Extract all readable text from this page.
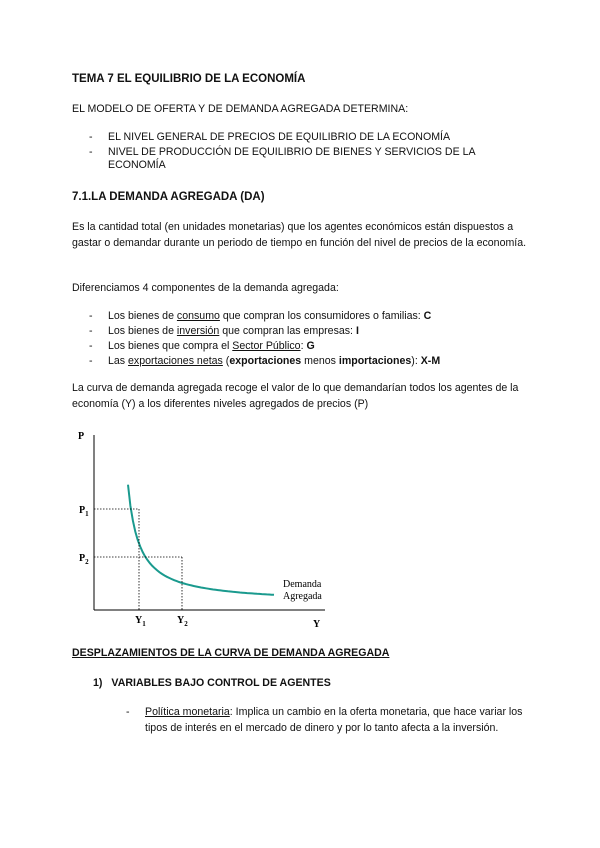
TEMA 7 EL EQUILIBRIO DE LA ECONOMÍA
EL MODELO DE OFERTA Y DE DEMANDA AGREGADA DETERMINA:
- EL NIVEL GENERAL DE PRECIOS DE EQUILIBRIO DE LA ECONOMÍA
- NIVEL DE PRODUCCIÓN DE EQUILIBRIO DE BIENES Y SERVICIOS DE LA ECONOMÍA
7.1.LA DEMANDA AGREGADA (DA)
Es la cantidad total (en unidades monetarias) que los agentes económicos están dispuestos a gastar o demandar durante un periodo de tiempo en función del nivel de precios de la economía.
Diferenciamos 4 componentes de la demanda agregada:
- Los bienes de consumo que compran los consumidores o familias: C
- Los bienes de inversión que compran las empresas: I
- Los bienes que compra el Sector Público: G
- Las exportaciones netas (exportaciones menos importaciones): X-M
La curva de demanda agregada recoge el valor de lo que demandarían todos los agentes de la economía (Y) a los diferentes niveles agregados de precios (P)
P
Y
$P_1$
$P_2$
$Y_1$	$Y_2$
Demanda
Agregada
DESPLAZAMIENTOS DE LA CURVA DE DEMANDA AGREGADA
1) VARIABLES BAJO CONTROL DE AGENTES
- Política monetaria: Implica un cambio en la oferta monetaria, que hace variar los tipos de interés en el mercado de dinero y por lo tanto afecta a la inversión.
